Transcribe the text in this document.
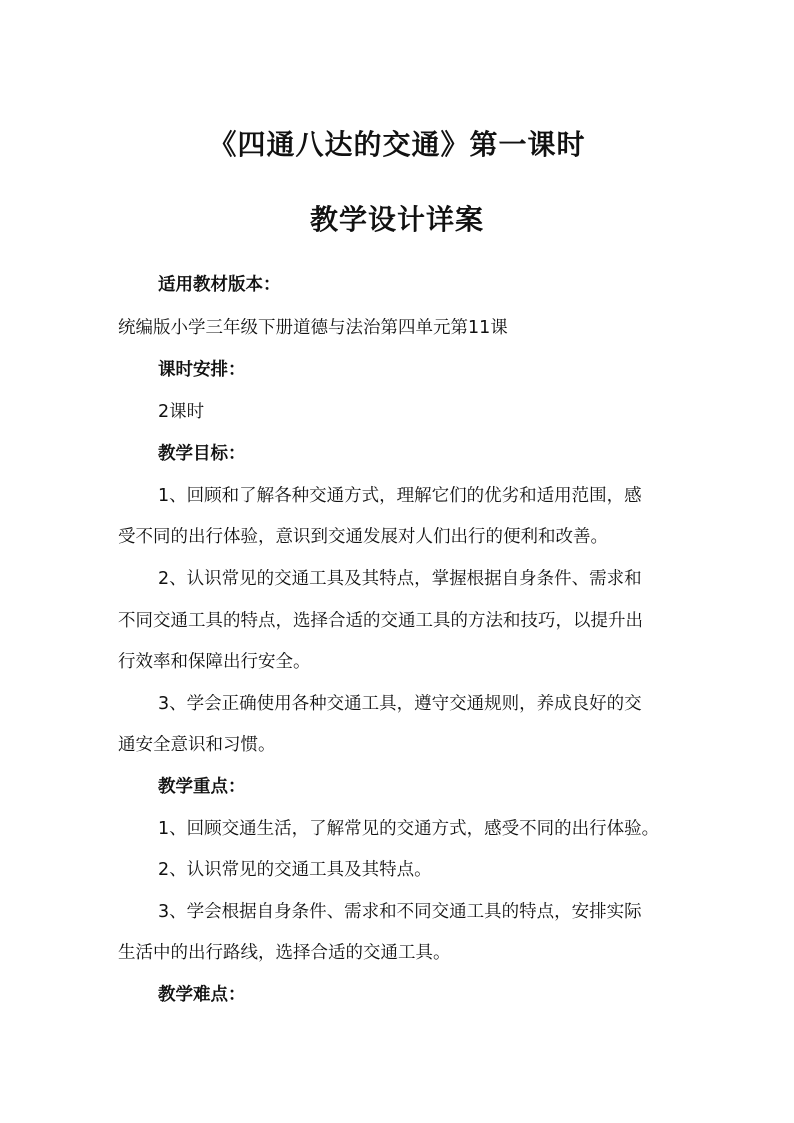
《四通八达的交通》第一课时
教学设计详案
适用教材版本：
统编版小学三年级下册道德与法治第四单元第11课
课时安排：
2课时
教学目标：
1、回顾和了解各种交通方式，理解它们的优劣和适用范围，感
受不同的出行体验，意识到交通发展对人们出行的便利和改善。
2、认识常见的交通工具及其特点，掌握根据自身条件、需求和
不同交通工具的特点，选择合适的交通工具的方法和技巧，以提升出
行效率和保障出行安全。
3、学会正确使用各种交通工具，遵守交通规则，养成良好的交
通安全意识和习惯。
教学重点：
1、回顾交通生活，了解常见的交通方式，感受不同的出行体验。
2、认识常见的交通工具及其特点。
3、学会根据自身条件、需求和不同交通工具的特点，安排实际
生活中的出行路线，选择合适的交通工具。
教学难点：
